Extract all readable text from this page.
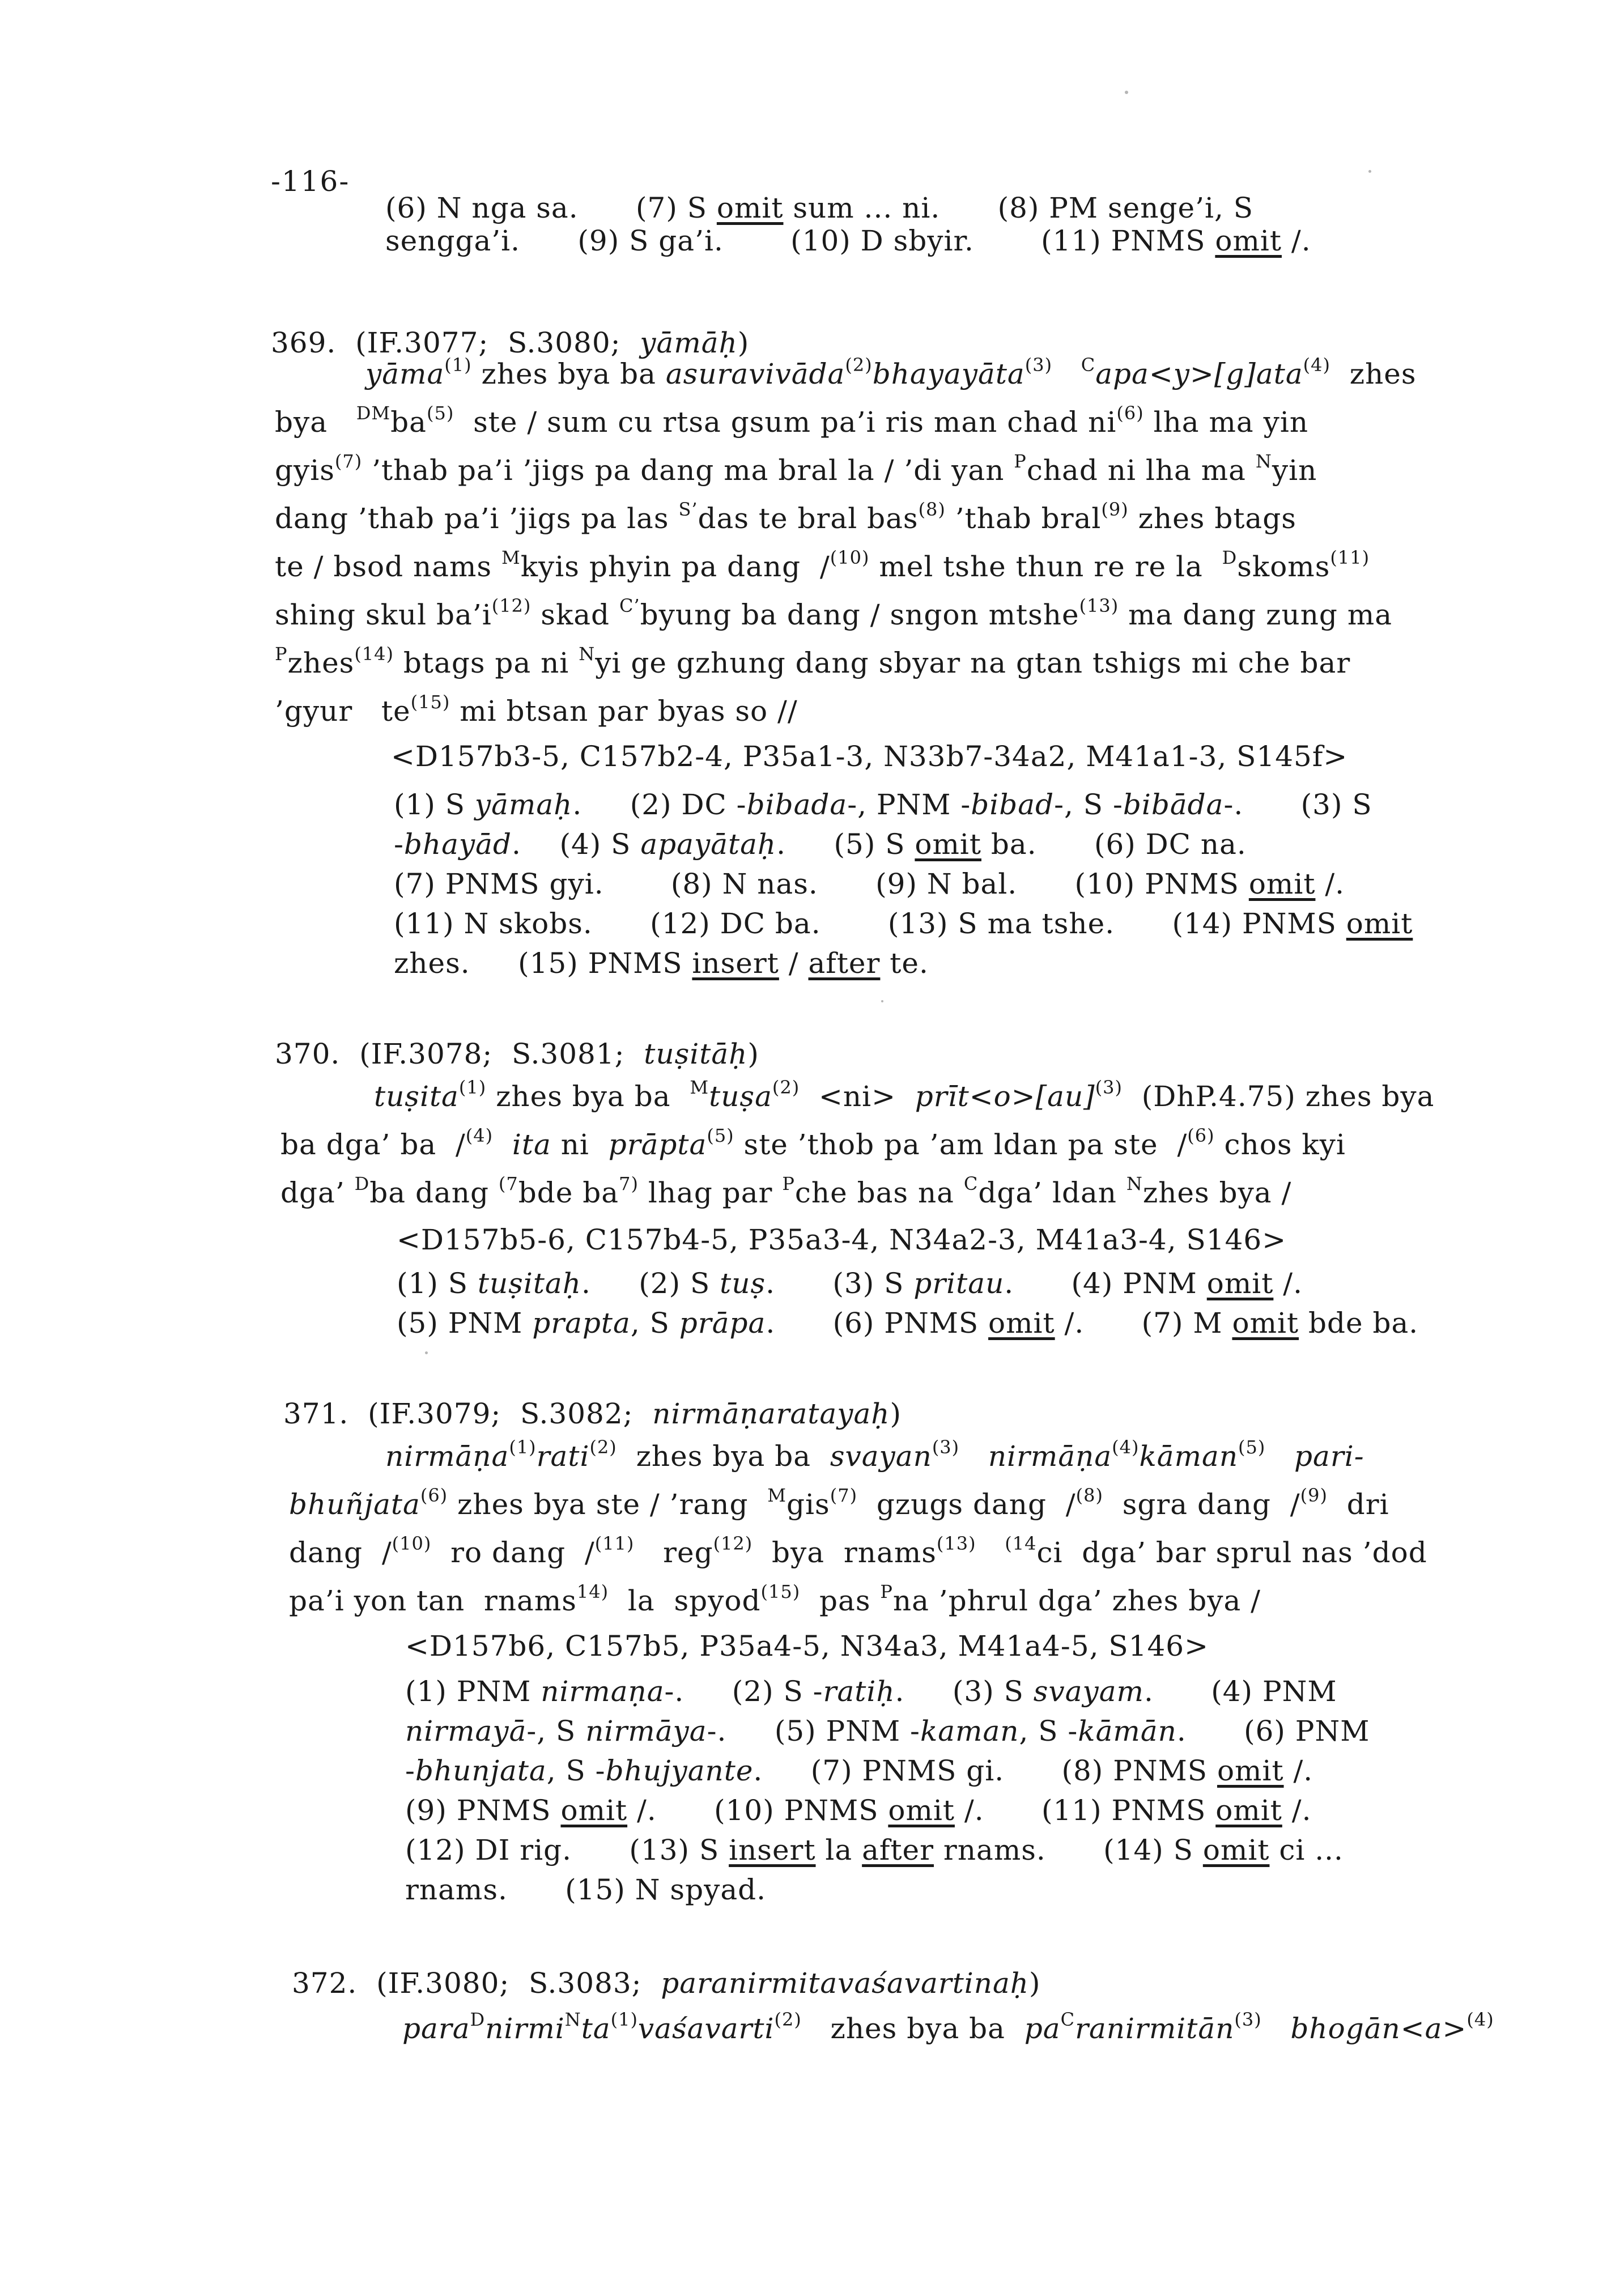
-116-
(6) N nga sa.      (7) S omit sum ... ni.      (8) PM senge’i, S
sengga’i.      (9) S ga’i.       (10) D sbyir.       (11) PNMS omit /.
369.  (IF.3077;  S.3080;  yāmāḥ)
yāma$^{(1)}$ zhes bya ba asuravivāda$^{(2)}$bhayayāta$^{(3)}$ $^C$apa<y>[g]ata$^{(4)}$  zhes
bya   $^{DM}ba^{(5)}$  ste / sum cu rtsa gsum pa’i ris man chad $ni^{(6)}$ lha ma yin
gyis$^{(7)}$ ’thab pa’i ’jigs pa dang ma bral la / ’di yan $^P$chad ni lha ma $^N$yin
dang ’thab pa’i ’jigs pa las $^{S’}$das te bral bas$^{(8)}$ ’thab bral$^{(9)}$ zhes btags
te / bsod nams $^M$kyis phyin pa dang  /$^{(10)}$ mel tshe thun re re la  $^D$skoms$^{(11)}$
shing skul $ba’i^{(12)}$ skad $^{C’}$byung ba dang / sngon mtshe$^{(13)}$ ma dang zung ma
$^P$zhes$^{(14)}$ btags pa ni $^N$yi ge gzhung dang sbyar na gtan tshigs mi che bar
’gyur   $te^{(15)}$ mi btsan par byas so //
<D157b3-5, C157b2-4, P35a1-3, N33b7-34a2, M41a1-3, S145f>
(1) S yāmaḥ.     (2) DC -bibada-, PNM -bibad-, S -bibāda-.      (3) S
-bhayād.    (4) S apayātaḥ.     (5) S omit ba.      (6) DC na.
(7) PNMS gyi.       (8) N nas.      (9) N bal.      (10) PNMS omit /.
(11) N skobs.      (12) DC ba.       (13) S ma tshe.      (14) PNMS omit
zhes.     (15) PNMS insert / after te.
370.  (IF.3078;  S.3081;  tuṣitāḥ)
tuṣita$^{(1)}$ zhes bya ba  $^M$tuṣa$^{(2)}$  <ni>  prīt<o>[au]$^{(3)}$  (DhP.4.75) zhes bya
ba dga’ ba  /$^{(4)}$ ita ni  prāpta$^{(5)}$ ste ’thob pa ’am ldan pa ste  /$^{(6)}$ chos kyi
dga’ $^D$ba dang $^{(7}$bde $ba^{7)}$ lhag par $^P$che bas na $^C$dga’ ldan $^N$zhes bya /
<D157b5-6, C157b4-5, P35a3-4, N34a2-3, M41a3-4, S146>
(1) S tuṣitaḥ.     (2) S tuṣ.      (3) S pritau.      (4) PNM omit /.
(5) PNM prapta, S prāpa.      (6) PNMS omit /.      (7) M omit bde ba.
371.  (IF.3079;  S.3082;  nirmāṇaratayaḥ)
nirmāṇa$^{(1)}$rati$^{(2)}$  zhes bya ba  svayan$^{(3)}$ nirmāṇa$^{(4)}$kāman$^{(5)}$ pari-
bhuñjata$^{(6)}$ zhes bya ste / ’rang  $^M$gis$^{(7)}$  gzugs dang  /$^{(8)}$  sgra dang  /$^{(9)}$  dri
dang  /$^{(10)}$  ro dang  /$^{(11)}$   reg$^{(12)}$  bya  rnams$^{(13)}$ $^{(14}$ci  dga’ bar sprul nas ’dod
pa’i yon tan  rnams$^{14)}$  la  spyod$^{(15)}$  pas $^P$na ’phrul dga’ zhes bya /
<D157b6, C157b5, P35a4-5, N34a3, M41a4-5, S146>
(1) PNM nirmaṇa-.     (2) S -ratiḥ.     (3) S svayam.      (4) PNM
nirmayā-, S nirmāya-.     (5) PNM -kaman, S -kāmān.      (6) PNM
-bhunjata, S -bhujyante.     (7) PNMS gi.      (8) PNMS omit /.
(9) PNMS omit /.      (10) PNMS omit /.      (11) PNMS omit /.
(12) DI rig.      (13) S insert la after rnams.      (14) S omit ci ...
rnams.      (15) N spyad.
372.  (IF.3080;  S.3083;  paranirmitavaśavartinaḥ)
$para^Dnirmi^Nta^{(1)}vaśavarti^{(2)}$   zhes bya ba  $pa^Cranirmitān^{(3)}$ bhogān<a>$^{(4)}$
